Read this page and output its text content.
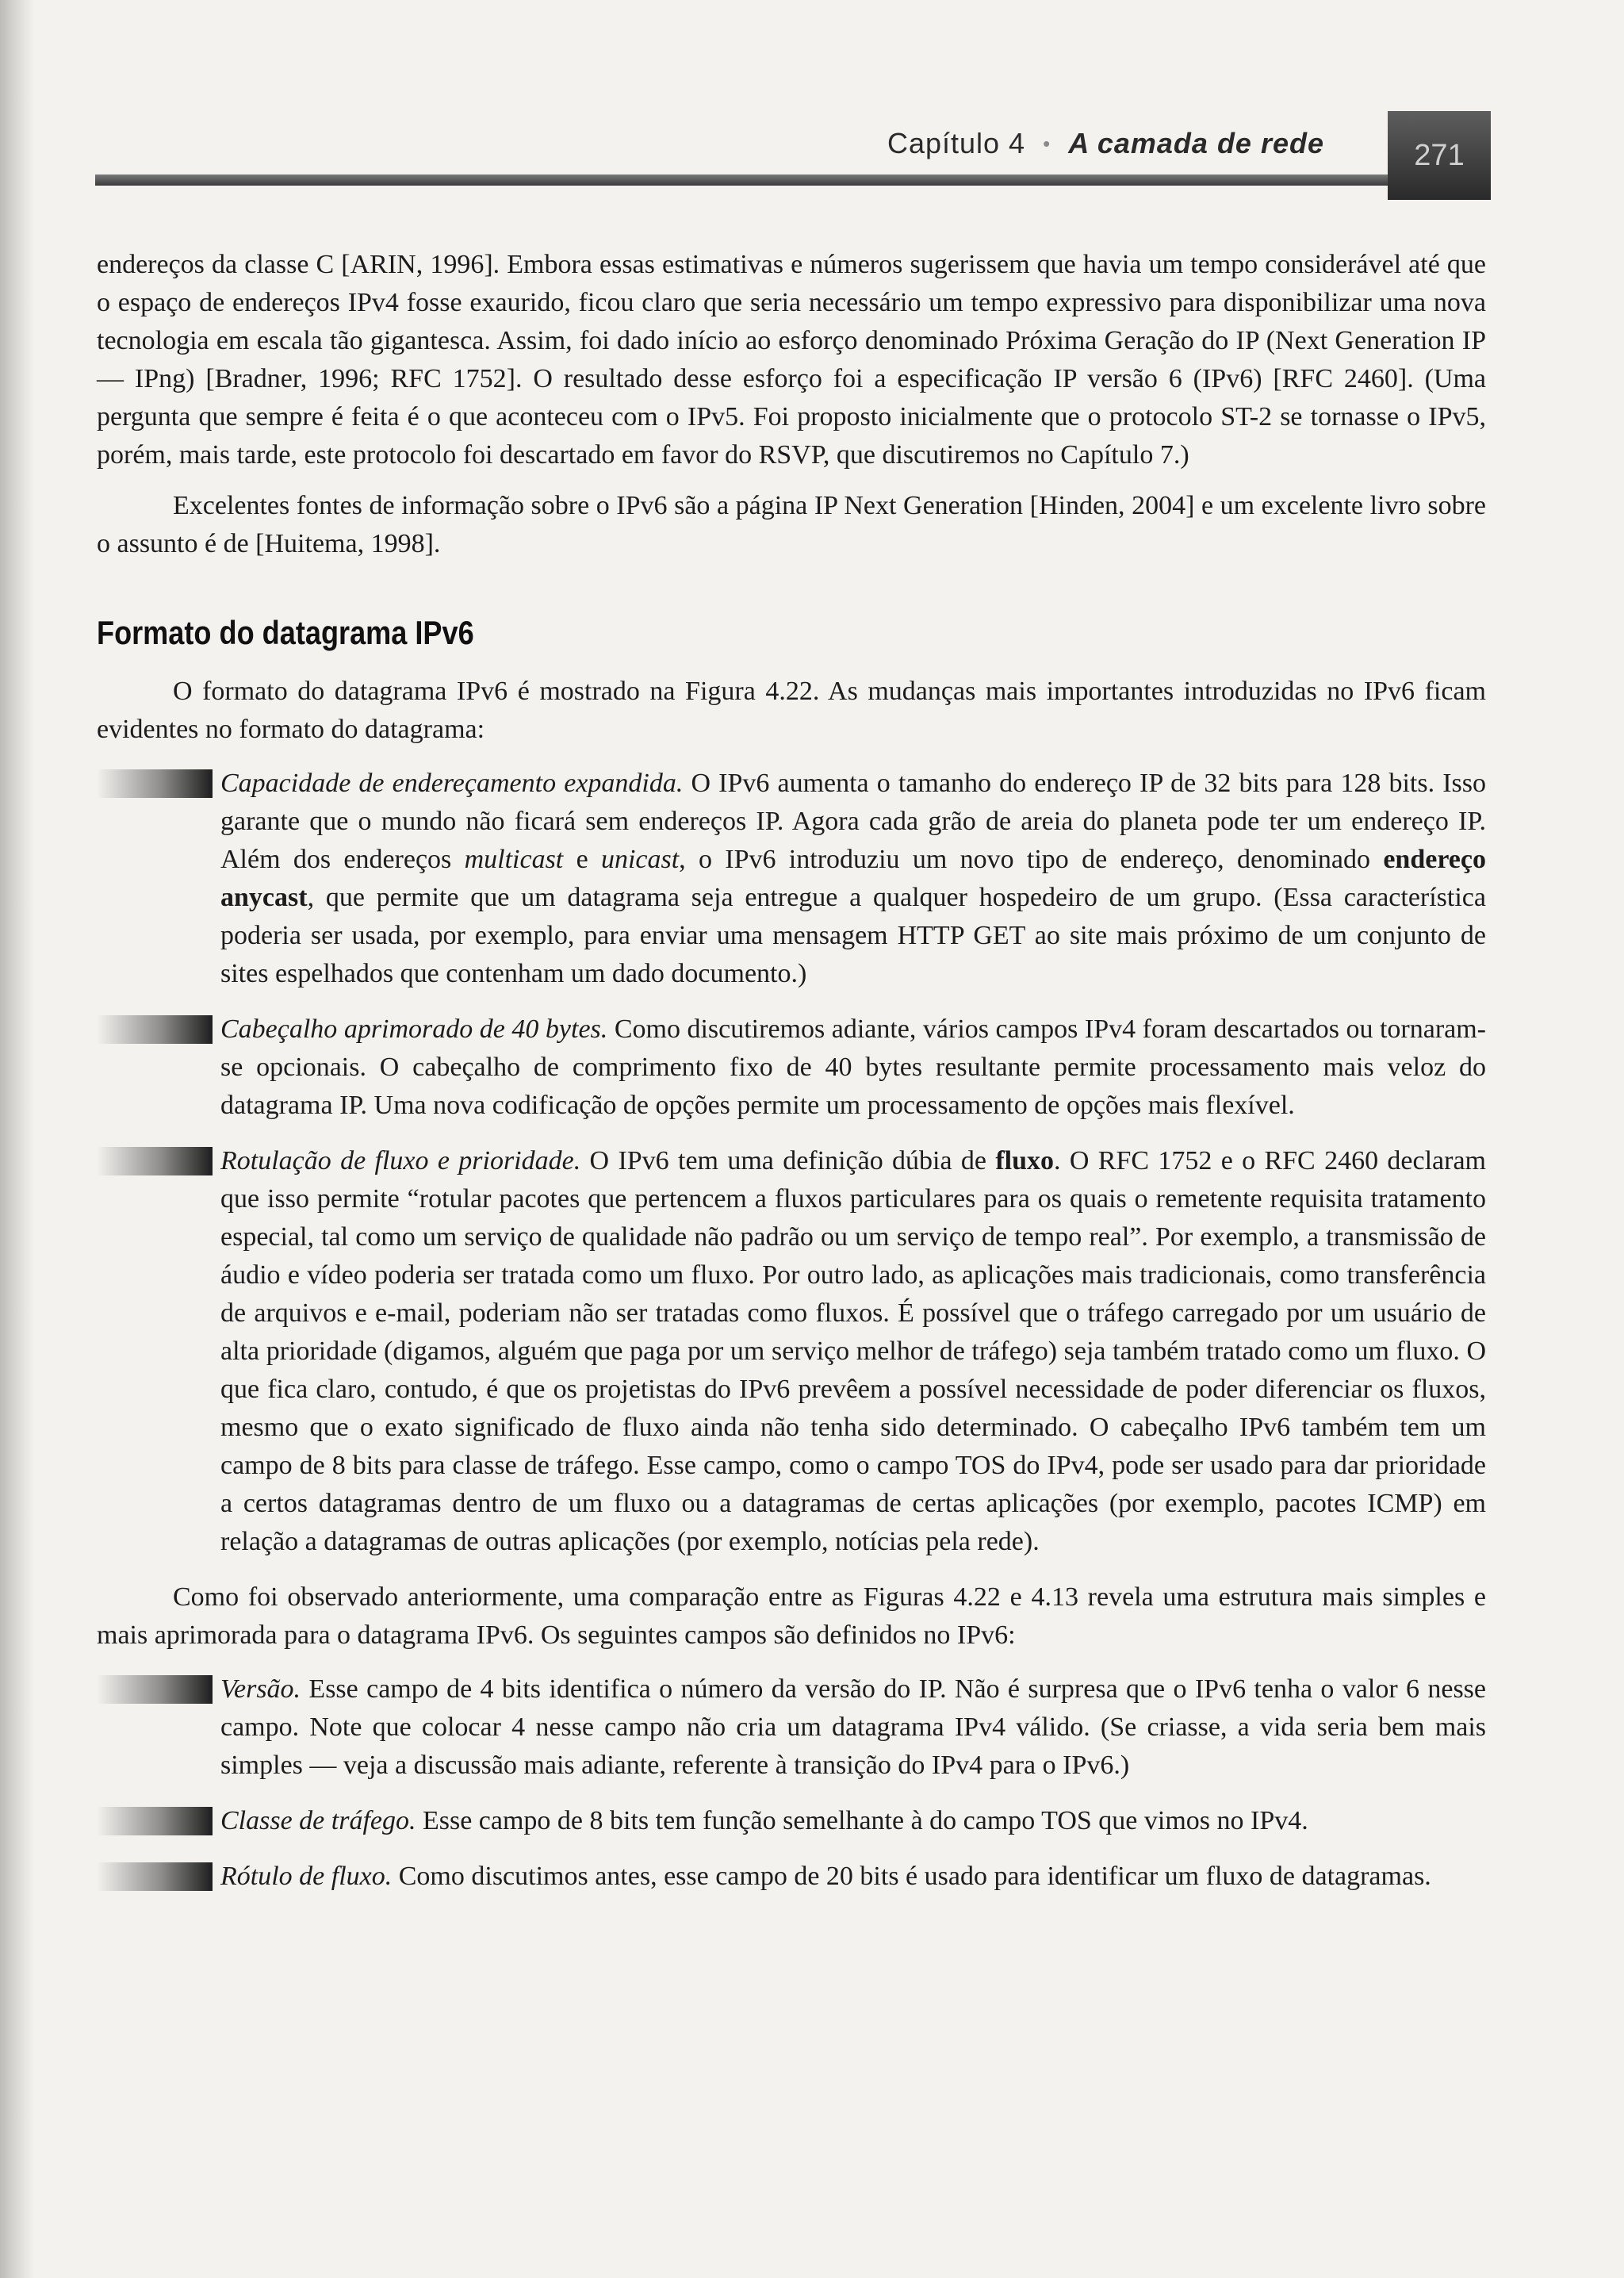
Capítulo 4 • A camada de rede	271

endereços da classe C [ARIN, 1996]. Embora essas estimativas e números sugerissem que havia um tempo considerável até que o espaço de endereços IPv4 fosse exaurido, ficou claro que seria necessário um tempo expressivo para disponibilizar uma nova tecnologia em escala tão gigantesca. Assim, foi dado início ao esforço denominado Próxima Geração do IP (Next Generation IP — IPng) [Bradner, 1996; RFC 1752]. O resultado desse esforço foi a especificação IP versão 6 (IPv6) [RFC 2460]. (Uma pergunta que sempre é feita é o que aconteceu com o IPv5. Foi proposto inicialmente que o protocolo ST-2 se tornasse o IPv5, porém, mais tarde, este protocolo foi descartado em favor do RSVP, que discutiremos no Capítulo 7.)

Excelentes fontes de informação sobre o IPv6 são a página IP Next Generation [Hinden, 2004] e um excelente livro sobre o assunto é de [Huitema, 1998].

Formato do datagrama IPv6

O formato do datagrama IPv6 é mostrado na Figura 4.22. As mudanças mais importantes introduzidas no IPv6 ficam evidentes no formato do datagrama:

Capacidade de endereçamento expandida. O IPv6 aumenta o tamanho do endereço IP de 32 bits para 128 bits. Isso garante que o mundo não ficará sem endereços IP. Agora cada grão de areia do planeta pode ter um endereço IP. Além dos endereços multicast e unicast, o IPv6 introduziu um novo tipo de endereço, denominado endereço anycast, que permite que um datagrama seja entregue a qualquer hospedeiro de um grupo. (Essa característica poderia ser usada, por exemplo, para enviar uma mensagem HTTP GET ao site mais próximo de um conjunto de sites espelhados que contenham um dado documento.)

Cabeçalho aprimorado de 40 bytes. Como discutiremos adiante, vários campos IPv4 foram descartados ou tornaram-se opcionais. O cabeçalho de comprimento fixo de 40 bytes resultante permite processamento mais veloz do datagrama IP. Uma nova codificação de opções permite um processamento de opções mais flexível.

Rotulação de fluxo e prioridade. O IPv6 tem uma definição dúbia de fluxo. O RFC 1752 e o RFC 2460 declaram que isso permite “rotular pacotes que pertencem a fluxos particulares para os quais o remetente requisita tratamento especial, tal como um serviço de qualidade não padrão ou um serviço de tempo real”. Por exemplo, a transmissão de áudio e vídeo poderia ser tratada como um fluxo. Por outro lado, as aplicações mais tradicionais, como transferência de arquivos e e-mail, poderiam não ser tratadas como fluxos. É possível que o tráfego carregado por um usuário de alta prioridade (digamos, alguém que paga por um serviço melhor de tráfego) seja também tratado como um fluxo. O que fica claro, contudo, é que os projetistas do IPv6 prevêem a possível necessidade de poder diferenciar os fluxos, mesmo que o exato significado de fluxo ainda não tenha sido determinado. O cabeçalho IPv6 também tem um campo de 8 bits para classe de tráfego. Esse campo, como o campo TOS do IPv4, pode ser usado para dar prioridade a certos datagramas dentro de um fluxo ou a datagramas de certas aplicações (por exemplo, pacotes ICMP) em relação a datagramas de outras aplicações (por exemplo, notícias pela rede).

Como foi observado anteriormente, uma comparação entre as Figuras 4.22 e 4.13 revela uma estrutura mais simples e mais aprimorada para o datagrama IPv6. Os seguintes campos são definidos no IPv6:

Versão. Esse campo de 4 bits identifica o número da versão do IP. Não é surpresa que o IPv6 tenha o valor 6 nesse campo. Note que colocar 4 nesse campo não cria um datagrama IPv4 válido. (Se criasse, a vida seria bem mais simples — veja a discussão mais adiante, referente à transição do IPv4 para o IPv6.)

Classe de tráfego. Esse campo de 8 bits tem função semelhante à do campo TOS que vimos no IPv4.

Rótulo de fluxo. Como discutimos antes, esse campo de 20 bits é usado para identificar um fluxo de datagramas.
